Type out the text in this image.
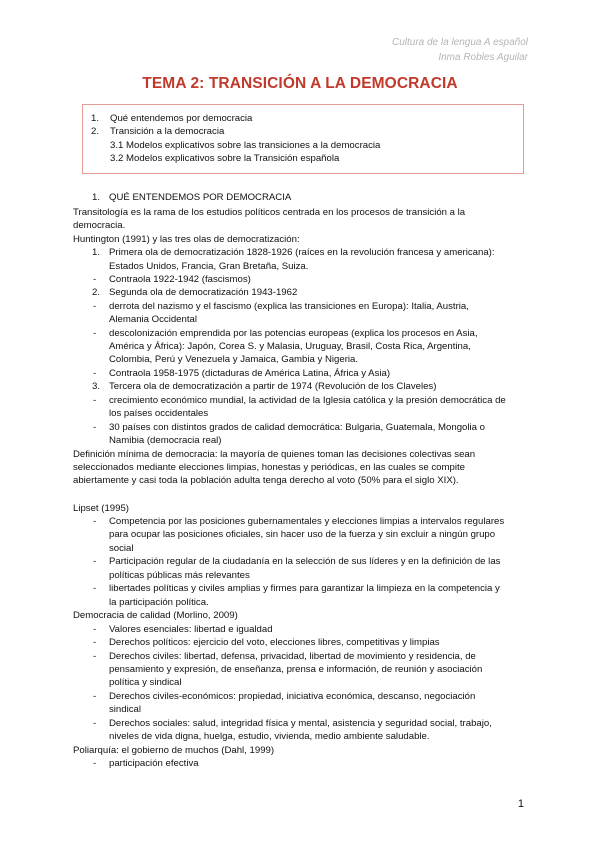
Cultura de la lengua A español
Inma Robles Aguilar
TEMA 2: TRANSICIÓN A LA DEMOCRACIA
1. Qué entendemos por democracia
2. Transición a la democracia
3.1 Modelos explicativos sobre las transiciones a la democracia
3.2 Modelos explicativos sobre la Transición española
1. QUÉ ENTENDEMOS POR DEMOCRACIA
Transitología es la rama de los estudios políticos centrada en los procesos de transición a la
democracia.
Huntington (1991) y las tres olas de democratización:
1. Primera ola de democratización 1828-1926 (raíces en la revolución francesa y americana):
Estados Unidos, Francia, Gran Bretaña, Suiza.
- Contraola 1922-1942 (fascismos)
2. Segunda ola de democratización 1943-1962
- derrota del nazismo y el fascismo (explica las transiciones en Europa): Italia, Austria,
Alemania Occidental
- descolonización emprendida por las potencias europeas (explica los procesos en Asia,
América y África): Japón, Corea S. y Malasia, Uruguay, Brasil, Costa Rica, Argentina,
Colombia, Perú y Venezuela y Jamaica, Gambia y Nigeria.
- Contraola 1958-1975 (dictaduras de América Latina, África y Asia)
3. Tercera ola de democratización a partir de 1974 (Revolución de los Claveles)
- crecimiento económico mundial, la actividad de la Iglesia católica y la presión democrática de
los países occidentales
- 30 países con distintos grados de calidad democrática: Bulgaria, Guatemala, Mongolia o
Namibia (democracia real)
Definición mínima de democracia: la mayoría de quienes toman las decisiones colectivas sean
seleccionados mediante elecciones limpias, honestas y periódicas, en las cuales se compite
abiertamente y casi toda la población adulta tenga derecho al voto (50% para el siglo XIX).
Lipset (1995)
- Competencia por las posiciones gubernamentales y elecciones limpias a intervalos regulares
para ocupar las posiciones oficiales, sin hacer uso de la fuerza y sin excluir a ningún grupo
social
- Participación regular de la ciudadanía en la selección de sus líderes y en la definición de las
políticas públicas más relevantes
- libertades políticas y civiles amplias y firmes para garantizar la limpieza en la competencia y
la participación política.
Democracia de calidad (Morlino, 2009)
- Valores esenciales: libertad e igualdad
- Derechos políticos: ejercicio del voto, elecciones libres, competitivas y limpias
- Derechos civiles: libertad, defensa, privacidad, libertad de movimiento y residencia, de
pensamiento y expresión, de enseñanza, prensa e información, de reunión y asociación
política y sindical
- Derechos civiles-económicos: propiedad, iniciativa económica, descanso, negociación
sindical
- Derechos sociales: salud, integridad física y mental, asistencia y seguridad social, trabajo,
niveles de vida digna, huelga, estudio, vivienda, medio ambiente saludable.
Poliarquía: el gobierno de muchos (Dahl, 1999)
- participación efectiva
1
